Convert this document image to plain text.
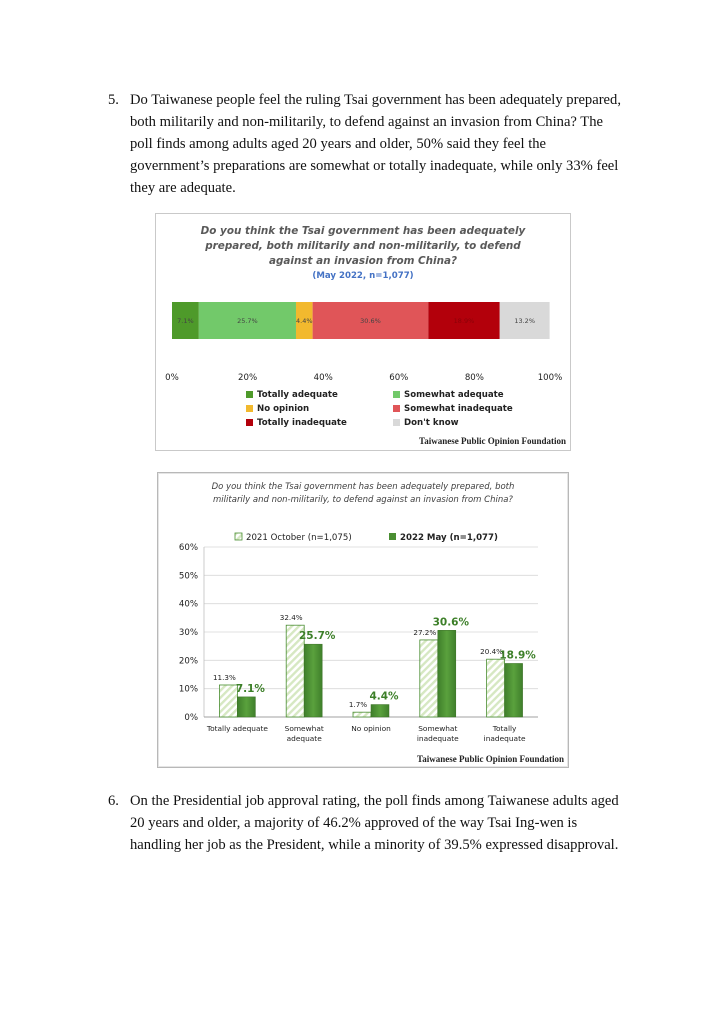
5. Do Taiwanese people feel the ruling Tsai government has been adequately prepared, both militarily and non-militarily, to defend against an invasion from China? The poll finds among adults aged 20 years and older, 50% said they feel the government’s preparations are somewhat or totally inadequate, while only 33% feel they are adequate.
Do you think the Tsai government has been adequately prepared, both militarily and non-militarily, to defend against an invasion from China?
(May 2022, n=1,077)
7.1%	25.7%	4.4%	30.6%	18.9%	13.2%
0%	20%	40%	60%	80%	100%
Totally adequate	Somewhat adequate
No opinion	Somewhat inadequate
Totally inadequate	Don't know
Taiwanese Public Opinion Foundation
Do you think the Tsai government has been adequately prepared, both militarily and non-militarily, to defend against an invasion from China?
2021 October (n=1,075)	2022 May (n=1,077)
0%
10%
20%
30%
40%
50%
60%
11.3%
7.1%
Totally adequate
32.4%
25.7%
Somewhat adequate
1.7%
4.4%
No opinion
27.2%
30.6%
Somewhat inadequate
20.4%
18.9%
Totally inadequate
Taiwanese Public Opinion Foundation
6. On the Presidential job approval rating, the poll finds among Taiwanese adults aged 20 years and older, a majority of 46.2% approved of the way Tsai Ing-wen is handling her job as the President, while a minority of 39.5% expressed disapproval.
